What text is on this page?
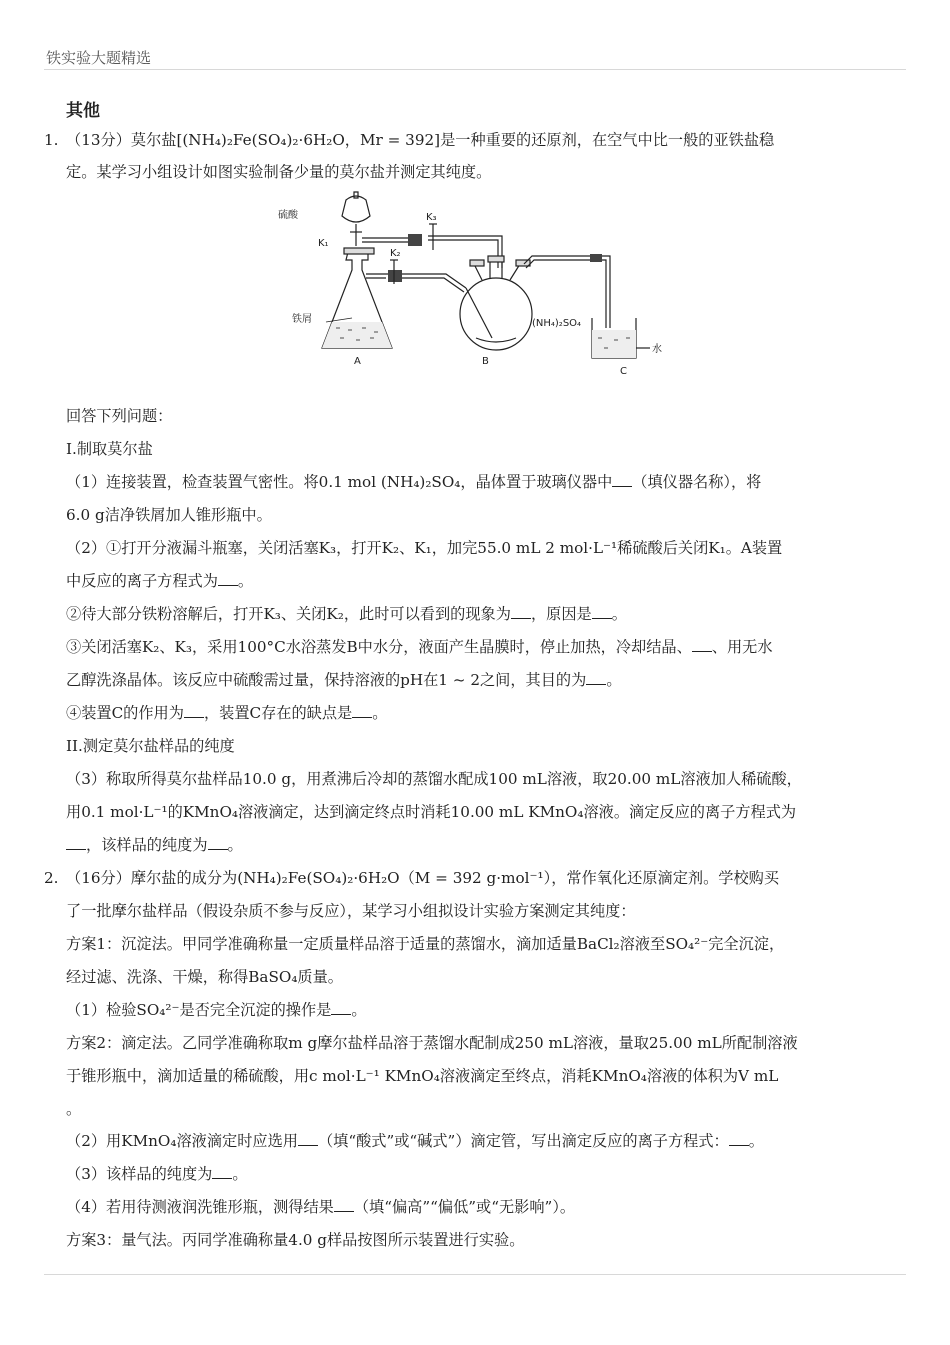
铁实验大题精选
其他
1. （13分）莫尔盐[(NH₄)₂Fe(SO₄)₂·6H₂O，Mr = 392]是一种重要的还原剂，在空气中比一般的亚铁盐稳
定。某学习小组设计如图实验制备少量的莫尔盐并测定其纯度。
硫酸
K₁
K₃
K₂
铁屑	(NH₄)₂SO₄
水
A	B
C
回答下列问题：
I.制取莫尔盐
（1）连接装置，检查装置气密性。将0.1 mol (NH₄)₂SO₄，晶体置于玻璃仪器中 （填仪器名称），将
6.0 g洁净铁屑加人锥形瓶中。
（2）①打开分液漏斗瓶塞，关闭活塞K₃，打开K₂、K₁，加完55.0 mL 2 mol·L⁻¹稀硫酸后关闭K₁。A装置
中反应的离子方程式为 。
②待大部分铁粉溶解后，打开K₃、关闭K₂，此时可以看到的现象为 ，原因是 。
③关闭活塞K₂、K₃，采用100°C水浴蒸发B中水分，液面产生晶膜时，停止加热，冷却结晶、 、用无水
乙醇洗涤晶体。该反应中硫酸需过量，保持溶液的pH在1 ~ 2之间，其目的为 。
④装置C的作用为 ，装置C存在的缺点是 。
II.测定莫尔盐样品的纯度
（3）称取所得莫尔盐样品10.0 g，用煮沸后冷却的蒸馏水配成100 mL溶液，取20.00 mL溶液加人稀硫酸，
用0.1 mol·L⁻¹的KMnO₄溶液滴定，达到滴定终点时消耗10.00 mL KMnO₄溶液。滴定反应的离子方程式为
，该样品的纯度为 。
2. （16分）摩尔盐的成分为(NH₄)₂Fe(SO₄)₂·6H₂O（M = 392 g·mol⁻¹），常作氧化还原滴定剂。学校购买
了一批摩尔盐样品（假设杂质不参与反应），某学习小组拟设计实验方案测定其纯度：
方案1：沉淀法。甲同学准确称量一定质量样品溶于适量的蒸馏水，滴加适量BaCl₂溶液至SO₄²⁻完全沉淀，
经过滤、洗涤、干燥，称得BaSO₄质量。
（1）检验SO₄²⁻是否完全沉淀的操作是 。
方案2：滴定法。乙同学准确称取m g摩尔盐样品溶于蒸馏水配制成250 mL溶液，量取25.00 mL所配制溶液
于锥形瓶中，滴加适量的稀硫酸，用c mol·L⁻¹ KMnO₄溶液滴定至终点，消耗KMnO₄溶液的体积为V mL
。
（2）用KMnO₄溶液滴定时应选用 （填“酸式”或“碱式”）滴定管，写出滴定反应的离子方程式： 。
（3）该样品的纯度为 。
（4）若用待测液润洗锥形瓶，测得结果 （填“偏高”“偏低”或“无影响”）。
方案3：量气法。丙同学准确称量4.0 g样品按图所示装置进行实验。
